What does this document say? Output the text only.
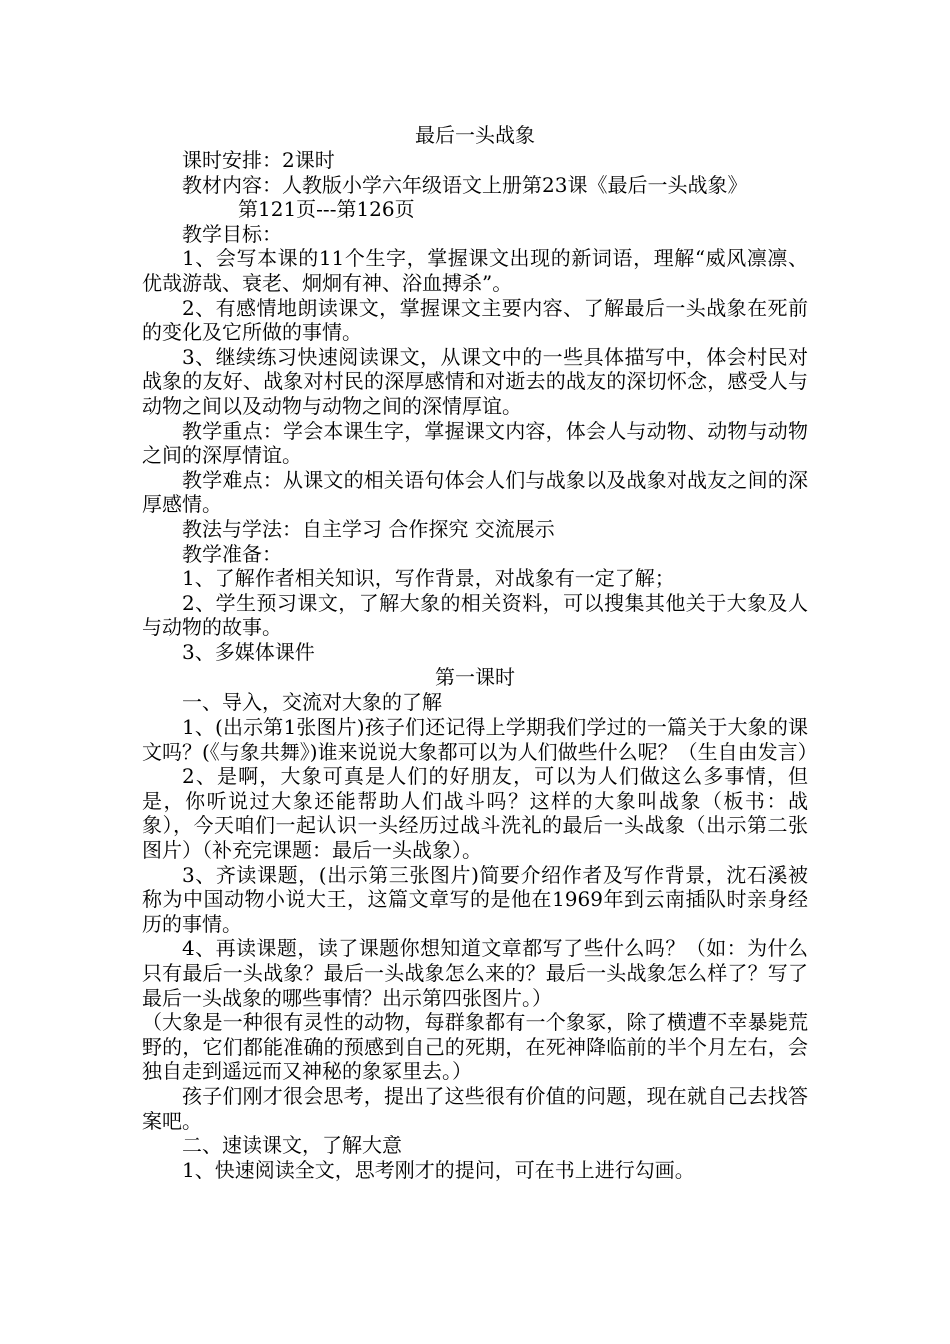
最后一头战象

课时安排：2课时

教材内容：人教版小学六年级语文上册第23课《最后一头战象》

第121页---第126页

教学目标：

1、会写本课的11个生字，掌握课文出现的新词语，理解“威风凛凛、优哉游哉、衰老、炯炯有神、浴血搏杀”。

2、有感情地朗读课文，掌握课文主要内容、了解最后一头战象在死前的变化及它所做的事情。

3、继续练习快速阅读课文，从课文中的一些具体描写中，体会村民对战象的友好、战象对村民的深厚感情和对逝去的战友的深切怀念，感受人与动物之间以及动物与动物之间的深情厚谊。

教学重点：学会本课生字，掌握课文内容，体会人与动物、动物与动物之间的深厚情谊。

教学难点：从课文的相关语句体会人们与战象以及战象对战友之间的深厚感情。

教法与学法：自主学习 合作探究 交流展示

教学准备：

1、了解作者相关知识，写作背景，对战象有一定了解；

2、学生预习课文，了解大象的相关资料，可以搜集其他关于大象及人与动物的故事。

3、多媒体课件

第一课时

一、导入，交流对大象的了解

1、(出示第1张图片)孩子们还记得上学期我们学过的一篇关于大象的课文吗？(《与象共舞》)谁来说说大象都可以为人们做些什么呢？（生自由发言）

2、是啊，大象可真是人们的好朋友，可以为人们做这么多事情，但是，你听说过大象还能帮助人们战斗吗？这样的大象叫战象（板书：战象），今天咱们一起认识一头经历过战斗洗礼的最后一头战象（出示第二张图片）（补充完课题：最后一头战象）。

3、齐读课题，(出示第三张图片)简要介绍作者及写作背景，沈石溪被称为中国动物小说大王，这篇文章写的是他在1969年到云南插队时亲身经历的事情。

4、再读课题，读了课题你想知道文章都写了些什么吗？（如：为什么只有最后一头战象？最后一头战象怎么来的？最后一头战象怎么样了？写了最后一头战象的哪些事情？出示第四张图片。）

（大象是一种很有灵性的动物，每群象都有一个象冢，除了横遭不幸暴毙荒野的，它们都能准确的预感到自己的死期，在死神降临前的半个月左右，会独自走到遥远而又神秘的象冢里去。）

孩子们刚才很会思考，提出了这些很有价值的问题，现在就自己去找答案吧。

二、速读课文，了解大意

1、快速阅读全文，思考刚才的提问，可在书上进行勾画。
